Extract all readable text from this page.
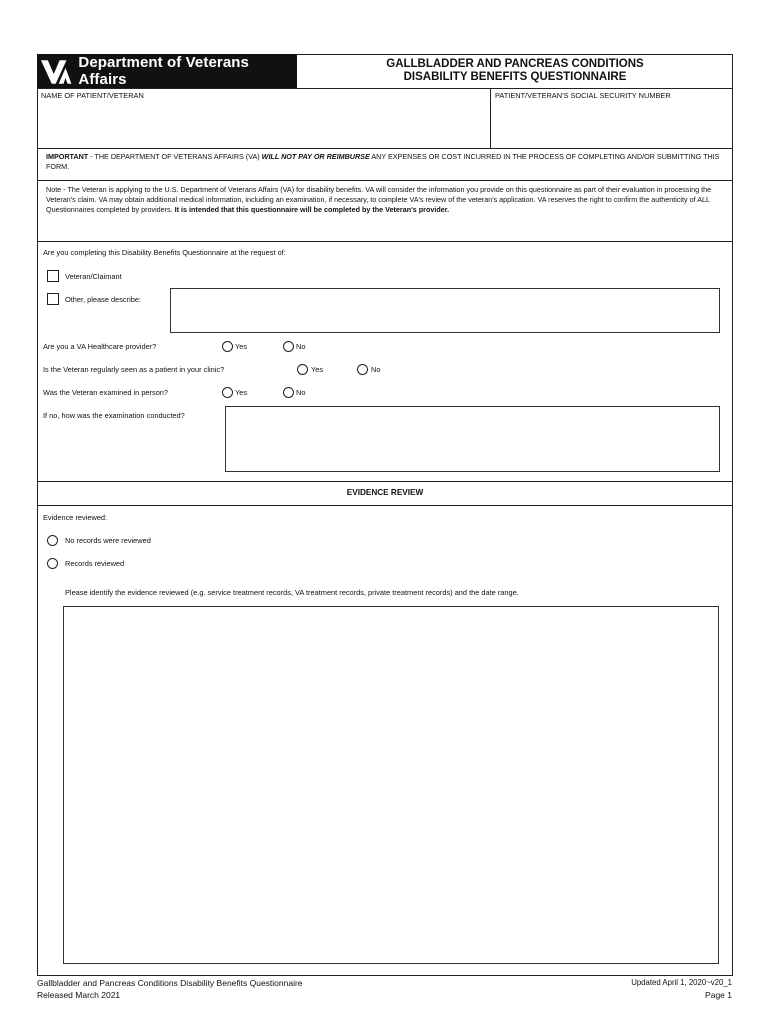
Department of Veterans Affairs
GALLBLADDER AND PANCREAS CONDITIONS
DISABILITY BENEFITS QUESTIONNAIRE
NAME OF PATIENT/VETERAN	PATIENT/VETERAN'S SOCIAL SECURITY NUMBER
IMPORTANT - THE DEPARTMENT OF VETERANS AFFAIRS (VA) WILL NOT PAY OR REIMBURSE ANY EXPENSES OR COST INCURRED IN THE PROCESS OF COMPLETING AND/OR SUBMITTING THIS FORM.
Note - The Veteran is applying to the U.S. Department of Veterans Affairs (VA) for disability benefits. VA will consider the information you provide on this questionnaire as part of their evaluation in processing the Veteran's claim. VA may obtain additional medical information, including an examination, if necessary, to complete VA's review of the veteran's application. VA reserves the right to confirm the authenticity of ALL Questionnaires completed by providers. It is intended that this questionnaire will be completed by the Veteran's provider.
Are you completing this Disability Benefits Questionnaire at the request of:
Veteran/Claimant
Other, please describe:
Are you a VA Healthcare provider?	Yes	No
Is the Veteran regularly seen as a patient in your clinic?	Yes	No
Was the Veteran examined in person?	Yes	No
If no, how was the examination conducted?
EVIDENCE REVIEW
Evidence reviewed:
No records were reviewed
Records reviewed
Please identify the evidence reviewed (e.g. service treatment records, VA treatment records, private treatment records) and the date range.
Gallbladder and Pancreas Conditions Disability Benefits Questionnaire
Released March 2021
Updated April 1, 2020~v20_1
Page 1
